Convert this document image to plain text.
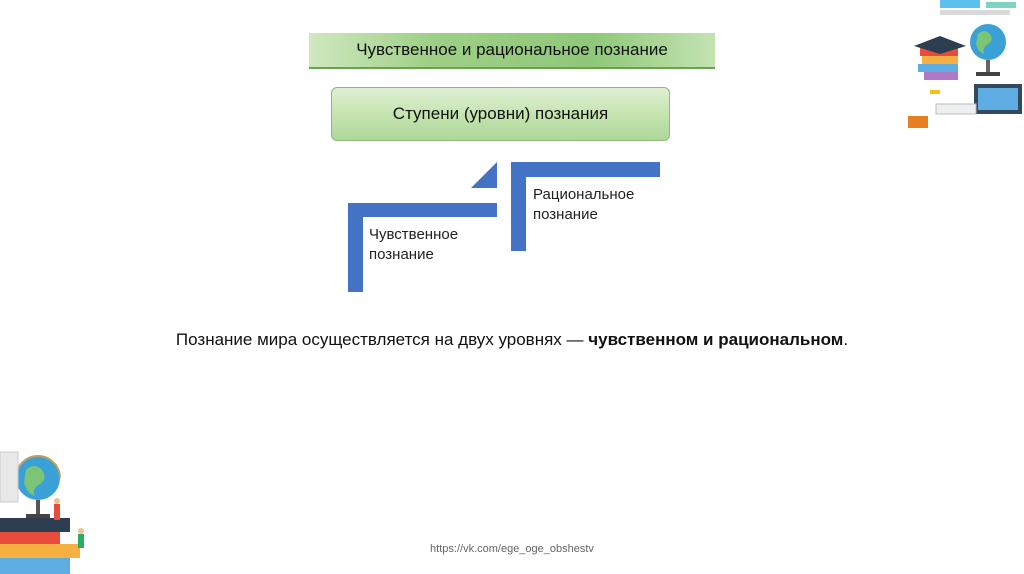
Чувственное и рациональное познание
Ступени (уровни) познания
Чувственное
познание
Рациональное
познание
Познание мира осуществляется на двух уровнях — чувственном и рациональном.
https://vk.com/ege_oge_obshestv
